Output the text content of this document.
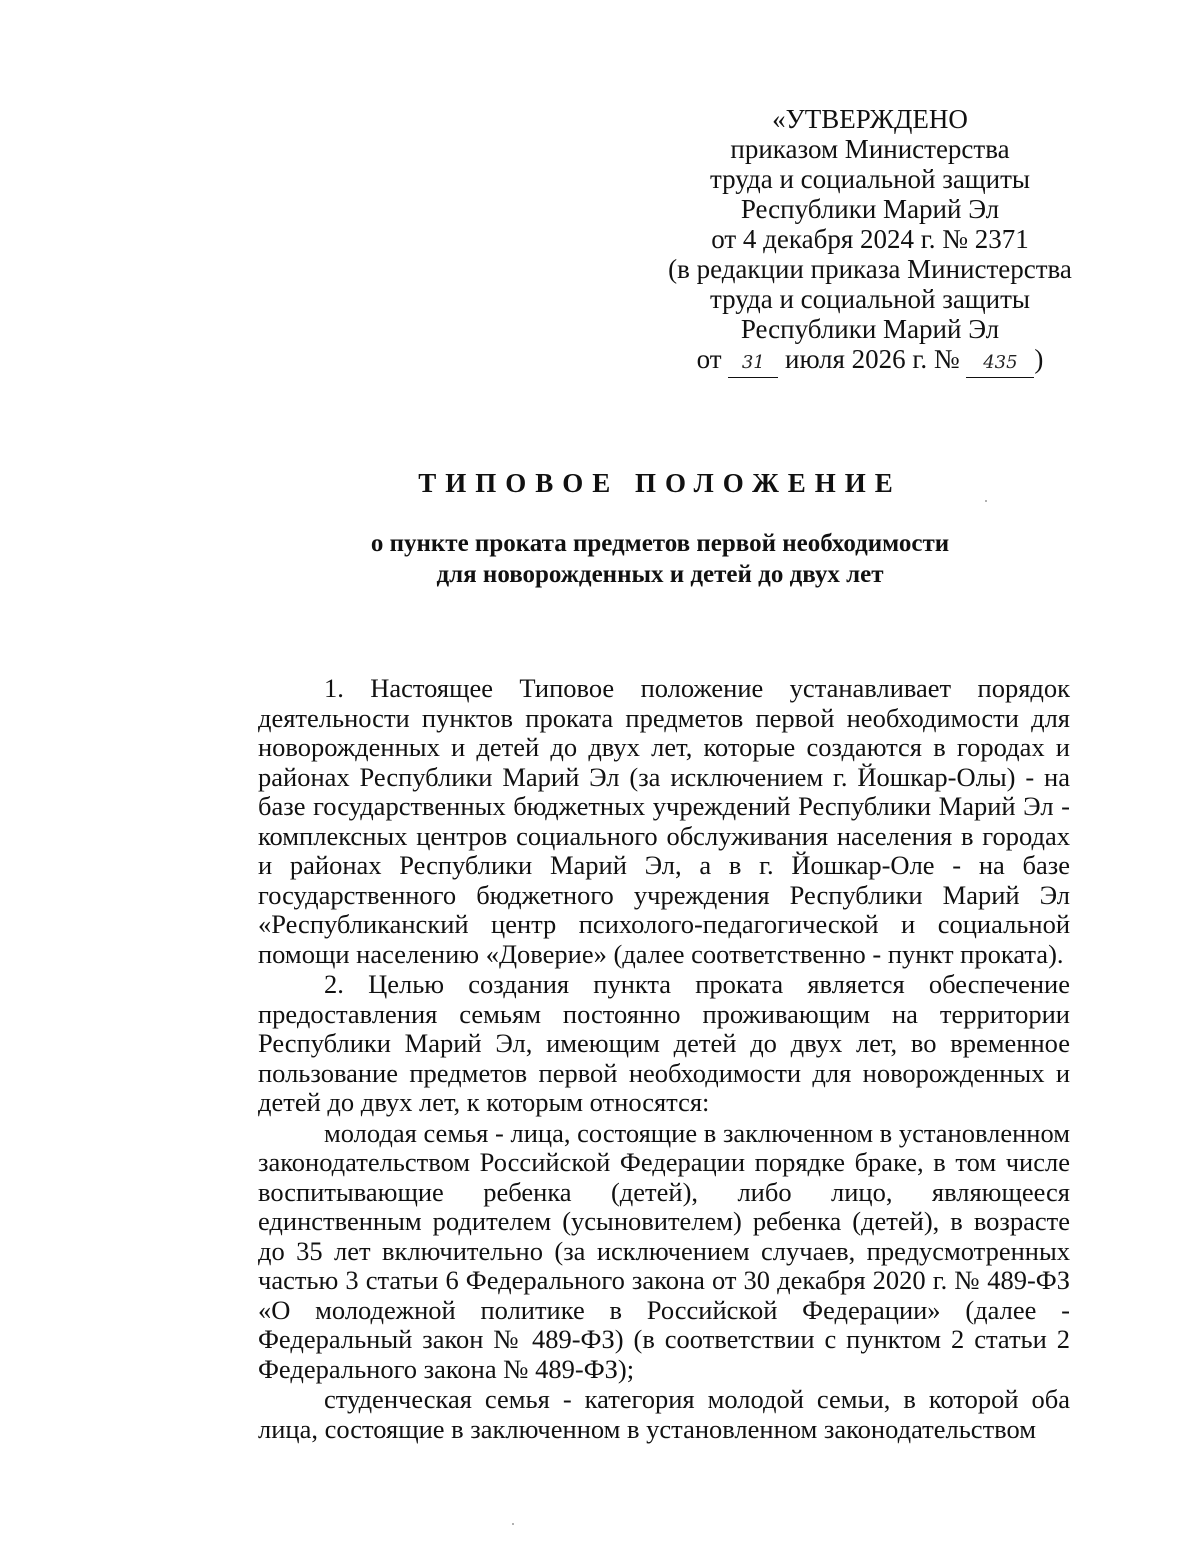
«УТВЕРЖДЕНО
приказом Министерства
труда и социальной защиты
Республики Марий Эл
от 4 декабря 2024 г. № 2371
(в редакции приказа Министерства
труда и социальной защиты
Республики Марий Эл
от 31 июля 2026 г. № 435 )
ТИПОВОЕ ПОЛОЖЕНИЕ
о пункте проката предметов первой необходимости
для новорожденных и детей до двух лет

1. Настоящее Типовое положение устанавливает порядок деятельности пунктов проката предметов первой необходимости для новорожденных и детей до двух лет, которые создаются в городах и районах Республики Марий Эл (за исключением г. Йошкар-Олы) - на базе государственных бюджетных учреждений Республики Марий Эл - комплексных центров социального обслуживания населения в городах и районах Республики Марий Эл, а в г. Йошкар-Оле - на базе государственного бюджетного учреждения Республики Марий Эл «Республиканский центр психолого-педагогической и социальной помощи населению «Доверие» (далее соответственно - пункт проката).

2. Целью создания пункта проката является обеспечение предоставления семьям постоянно проживающим на территории Республики Марий Эл, имеющим детей до двух лет, во временное пользование предметов первой необходимости для новорожденных и детей до двух лет, к которым относятся:

молодая семья - лица, состоящие в заключенном в установленном законодательством Российской Федерации порядке браке, в том числе воспитывающие ребенка (детей), либо лицо, являющееся единственным родителем (усыновителем) ребенка (детей), в возрасте до 35 лет включительно (за исключением случаев, предусмотренных частью 3 статьи 6 Федерального закона от 30 декабря 2020 г. № 489-ФЗ «О молодежной политике в Российской Федерации» (далее - Федеральный закон № 489-ФЗ) (в соответствии с пунктом 2 статьи 2 Федерального закона № 489-ФЗ);

студенческая семья - категория молодой семьи, в которой оба лица, состоящие в заключенном в установленном законодательством
